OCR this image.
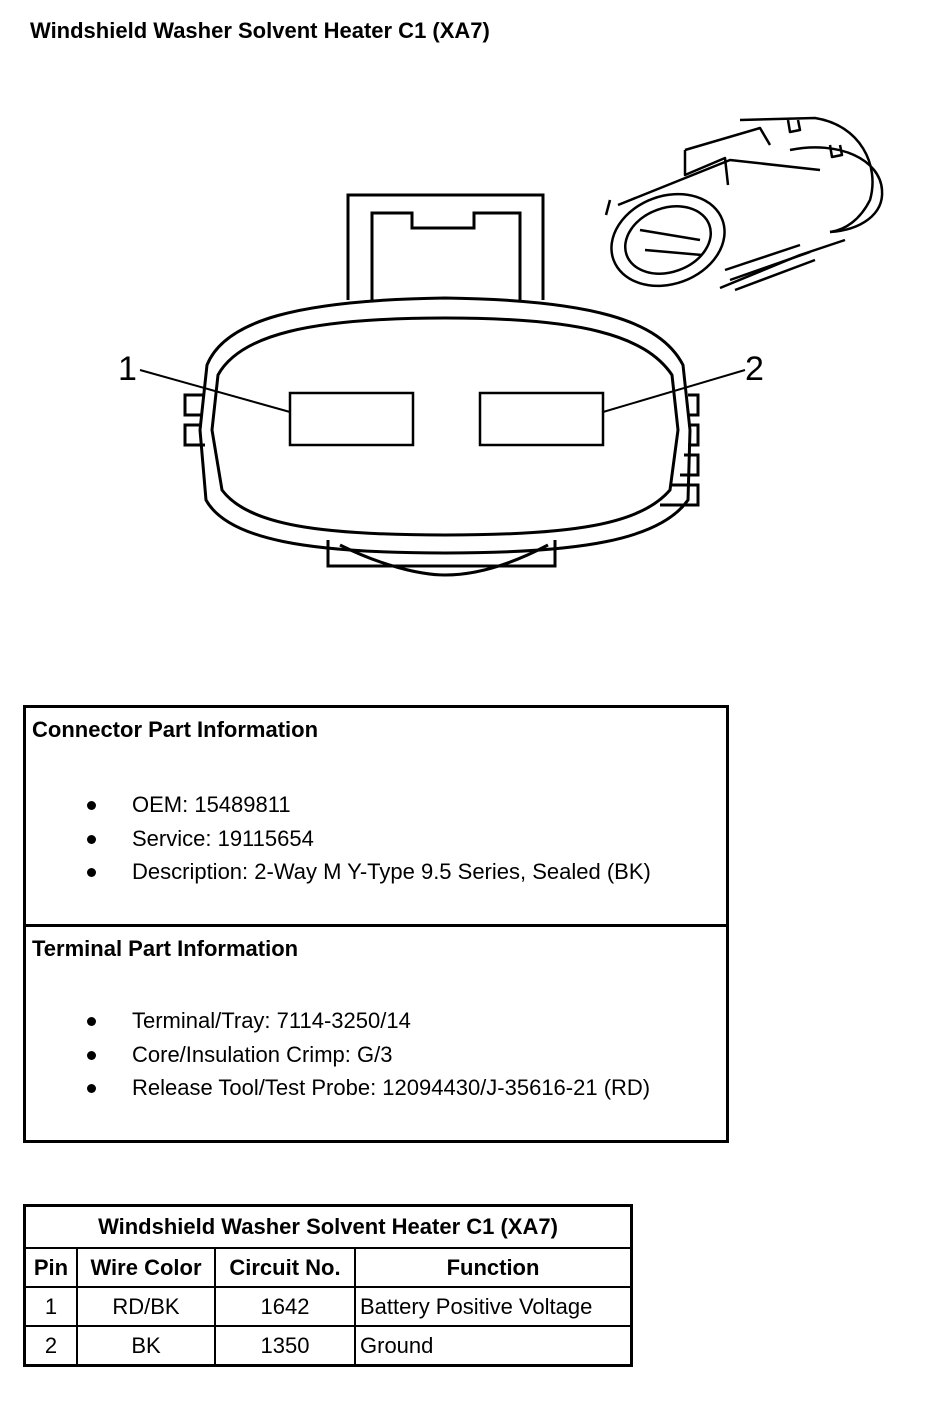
Windshield Washer Solvent Heater C1 (XA7)
1	2
Connector Part Information
OEM: 15489811
Service: 19115654
Description: 2-Way M Y-Type 9.5 Series, Sealed (BK)
Terminal Part Information
Terminal/Tray: 7114-3250/14
Core/Insulation Crimp: G/3
Release Tool/Test Probe: 12094430/J-35616-21 (RD)
Windshield Washer Solvent Heater C1 (XA7)			
Pin	Wire Color	Circuit No.	Function
1	RD/BK	1642	Battery Positive Voltage
2	BK	1350	Ground
